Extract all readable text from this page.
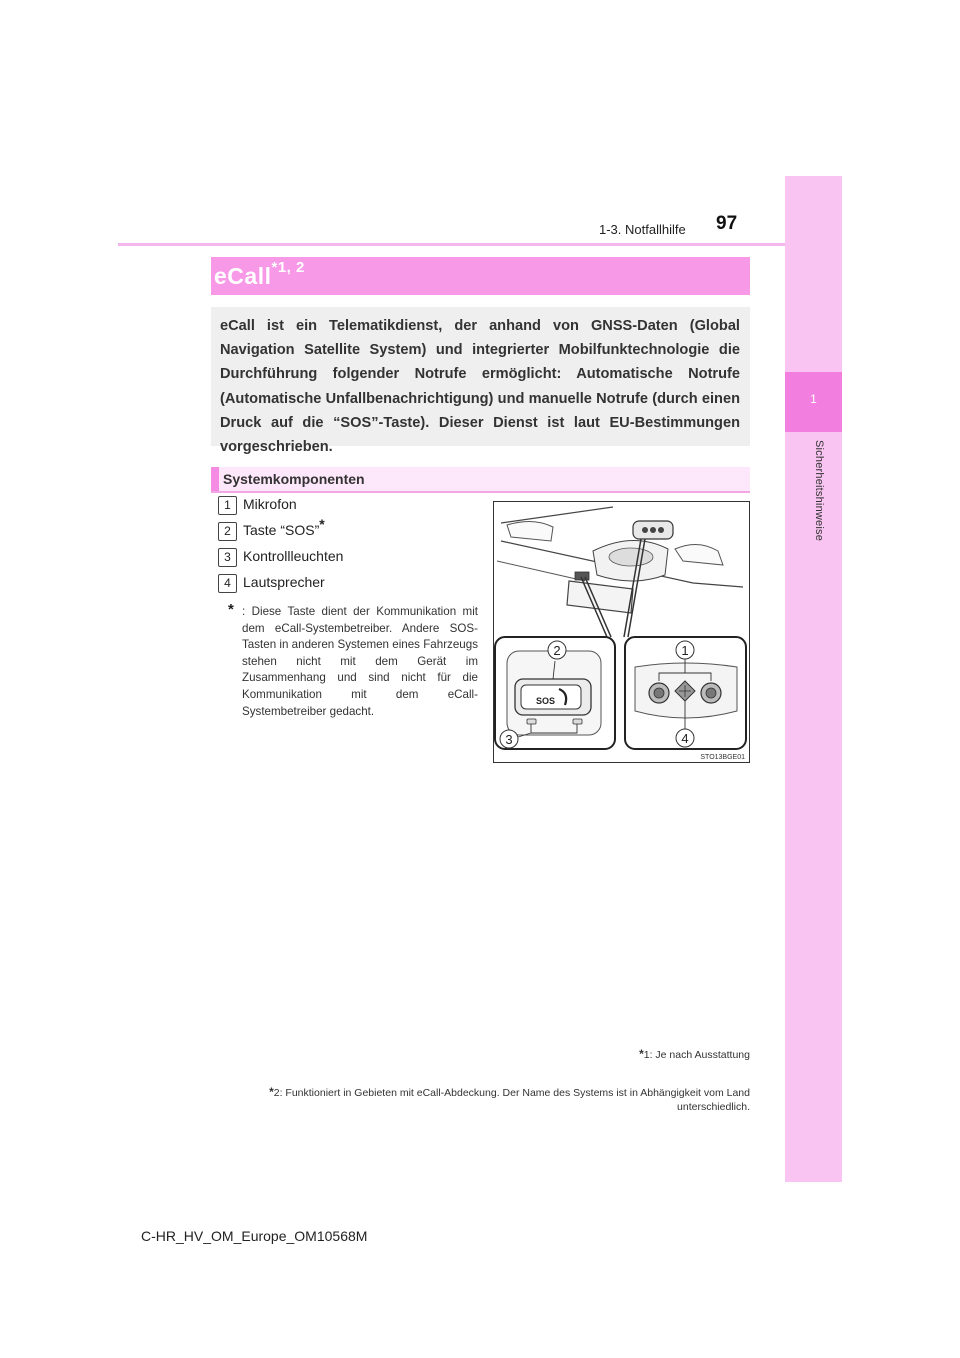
1
Sicherheitshinweise
1-3. Notfallhilfe 97
eCall$^{*1, 2}$
eCall ist ein Telematikdienst, der anhand von GNSS-Daten (Global Navigation Satellite System) und integrierter Mobilfunktechnologie die Durchführung folgender Notrufe ermöglicht: Automatische Notrufe (Automatische Unfallbenachrichtigung) und manuelle Notrufe (durch einen Druck auf die “SOS”-Taste). Dieser Dienst ist laut EU-Bestimmungen vorgeschrieben.
Systemkomponenten
1 Mikrofon
2 Taste “SOS”*
3 Kontrollleuchten
4 Lautsprecher
* : Diese Taste dient der Kommunikation mit dem eCall-Systembetreiber. Andere SOS-Tasten in anderen Systemen eines Fahrzeugs stehen nicht mit dem Gerät im Zusammenhang und sind nicht für die Kommunikation mit dem eCall-Systembetreiber gedacht.
SOS
2
3
1
4
STO13BGE01
*1: Je nach Ausstattung
*2: Funktioniert in Gebieten mit eCall-Abdeckung. Der Name des Systems ist in Abhängigkeit vom Land unterschiedlich.
C-HR_HV_OM_Europe_OM10568M
